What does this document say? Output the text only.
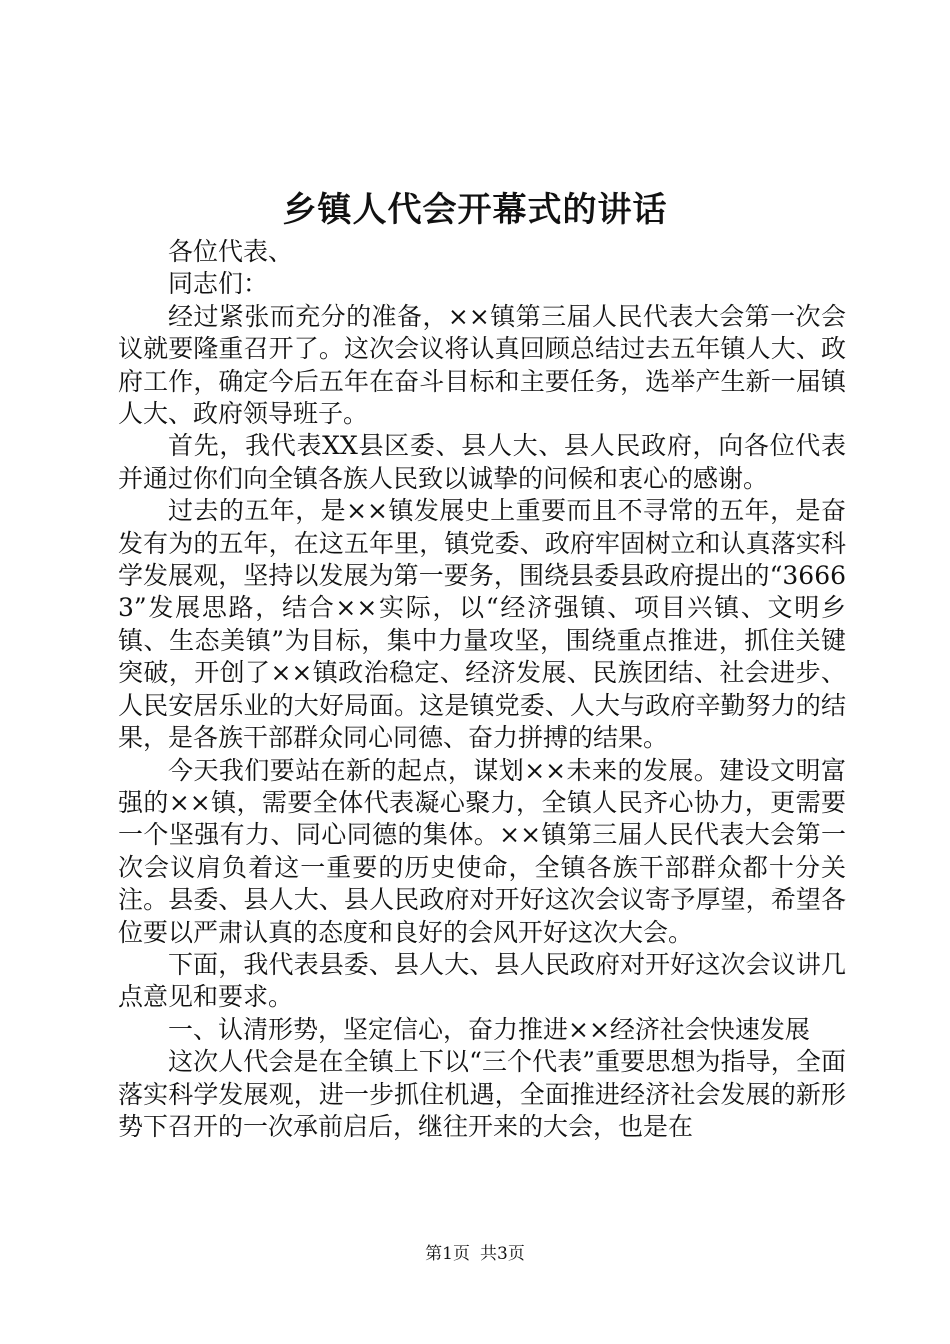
乡镇人代会开幕式的讲话

各位代表、

同志们：

经过紧张而充分的准备，××镇第三届人民代表大会第一次会议就要隆重召开了。这次会议将认真回顾总结过去五年镇人大、政府工作，确定今后五年在奋斗目标和主要任务，选举产生新一届镇人大、政府领导班子。

首先，我代表XX县区委、县人大、县人民政府，向各位代表并通过你们向全镇各族人民致以诚挚的问候和衷心的感谢。

过去的五年，是××镇发展史上重要而且不寻常的五年，是奋发有为的五年，在这五年里，镇党委、政府牢固树立和认真落实科学发展观，坚持以发展为第一要务，围绕县委县政府提出的“36663”发展思路，结合××实际，以“经济强镇、项目兴镇、文明乡镇、生态美镇”为目标，集中力量攻坚，围绕重点推进，抓住关键突破，开创了××镇政治稳定、经济发展、民族团结、社会进步、人民安居乐业的大好局面。这是镇党委、人大与政府辛勤努力的结果，是各族干部群众同心同德、奋力拼搏的结果。

今天我们要站在新的起点，谋划××未来的发展。建设文明富强的××镇，需要全体代表凝心聚力，全镇人民齐心协力，更需要一个坚强有力、同心同德的集体。××镇第三届人民代表大会第一次会议肩负着这一重要的历史使命，全镇各族干部群众都十分关注。县委、县人大、县人民政府对开好这次会议寄予厚望，希望各位要以严肃认真的态度和良好的会风开好这次大会。

下面，我代表县委、县人大、县人民政府对开好这次会议讲几点意见和要求。

一、认清形势，坚定信心，奋力推进××经济社会快速发展

这次人代会是在全镇上下以“三个代表”重要思想为指导，全面落实科学发展观，进一步抓住机遇，全面推进经济社会发展的新形势下召开的一次承前启后，继往开来的大会，也是在

第1页 共3页
